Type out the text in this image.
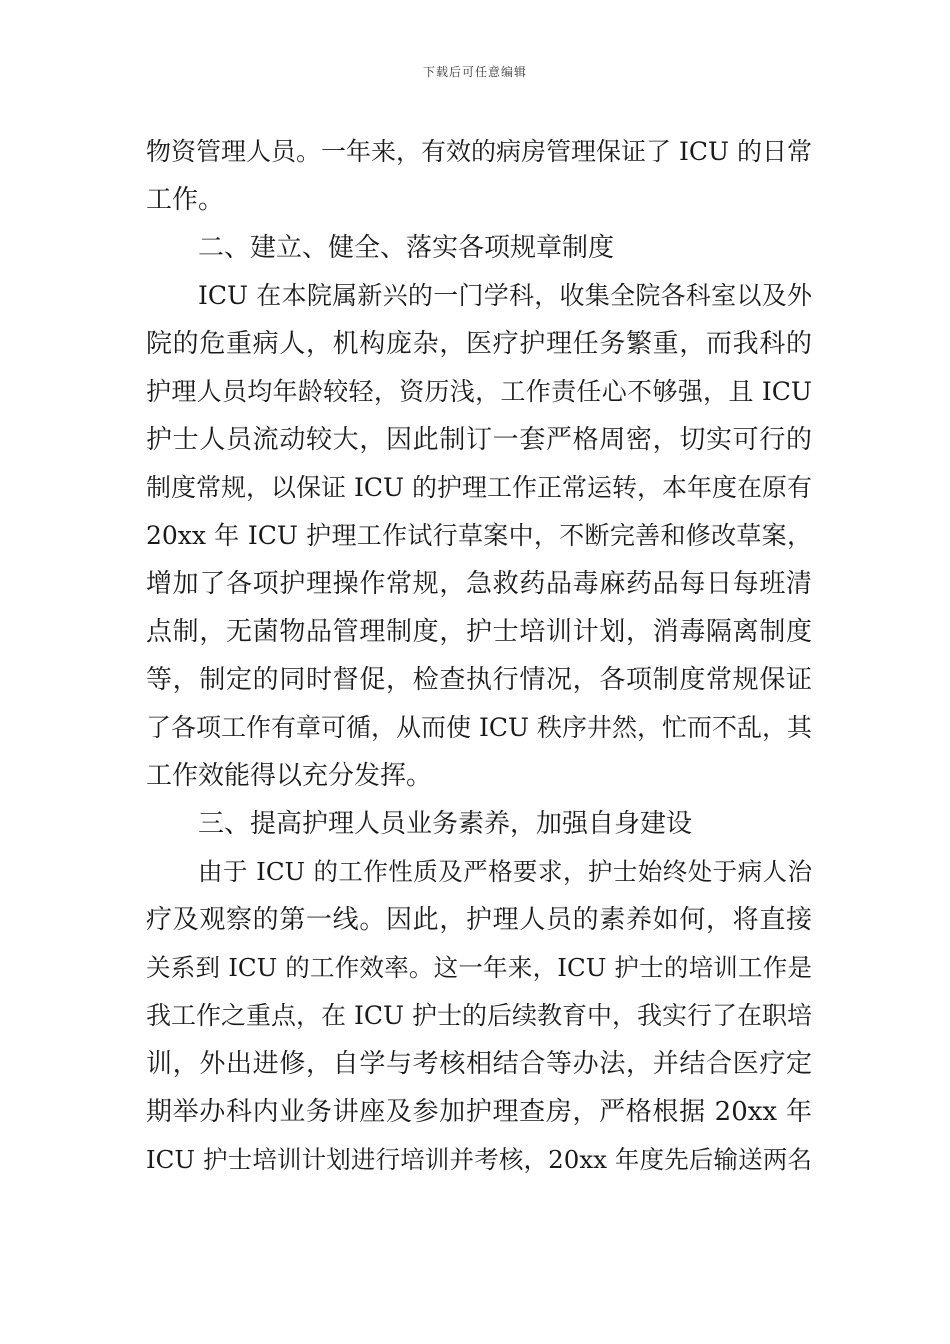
下载后可任意编辑
物资管理人员。一年来，有效的病房管理保证了 ICU 的日常
工作。
二、建立、健全、落实各项规章制度
ICU 在本院属新兴的一门学科，收集全院各科室以及外
院的危重病人，机构庞杂，医疗护理任务繁重，而我科的
护理人员均年龄较轻，资历浅，工作责任心不够强，且 ICU
护士人员流动较大，因此制订一套严格周密，切实可行的
制度常规，以保证 ICU 的护理工作正常运转，本年度在原有
20xx 年 ICU 护理工作试行草案中，不断完善和修改草案，
增加了各项护理操作常规，急救药品毒麻药品每日每班清
点制，无菌物品管理制度，护士培训计划，消毒隔离制度
等，制定的同时督促，检查执行情况，各项制度常规保证
了各项工作有章可循，从而使 ICU 秩序井然，忙而不乱，其
工作效能得以充分发挥。
三、提高护理人员业务素养，加强自身建设
由于 ICU 的工作性质及严格要求，护士始终处于病人治
疗及观察的第一线。因此，护理人员的素养如何，将直接
关系到 ICU 的工作效率。这一年来，ICU 护士的培训工作是
我工作之重点，在 ICU 护士的后续教育中，我实行了在职培
训，外出进修，自学与考核相结合等办法，并结合医疗定
期举办科内业务讲座及参加护理查房，严格根据 20xx 年
ICU 护士培训计划进行培训并考核，20xx 年度先后输送两名
